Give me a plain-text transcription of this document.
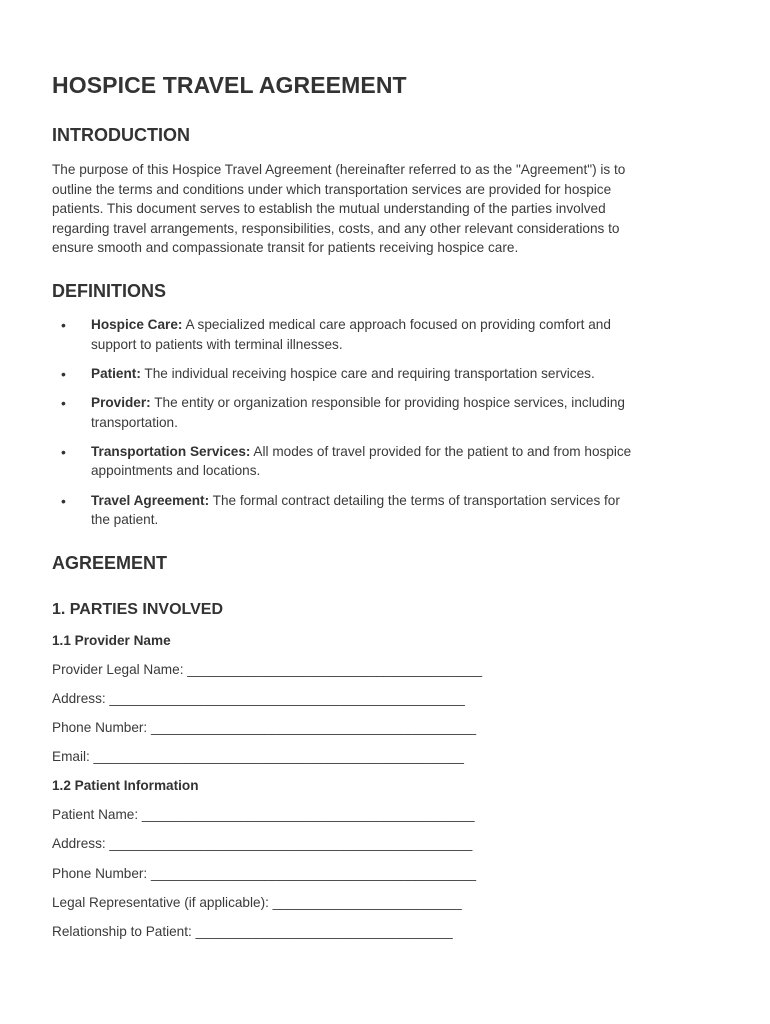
HOSPICE TRAVEL AGREEMENT
INTRODUCTION
The purpose of this Hospice Travel Agreement (hereinafter referred to as the "Agreement") is to
outline the terms and conditions under which transportation services are provided for hospice
patients. This document serves to establish the mutual understanding of the parties involved
regarding travel arrangements, responsibilities, costs, and any other relevant considerations to
ensure smooth and compassionate transit for patients receiving hospice care.
DEFINITIONS
• Hospice Care: A specialized medical care approach focused on providing comfort and
support to patients with terminal illnesses.
• Patient: The individual receiving hospice care and requiring transportation services.
• Provider: The entity or organization responsible for providing hospice services, including
transportation.
• Transportation Services: All modes of travel provided for the patient to and from hospice
appointments and locations.
• Travel Agreement: The formal contract detailing the terms of transportation services for
the patient.
AGREEMENT
1. PARTIES INVOLVED
1.1 Provider Name
Provider Legal Name: _______________________________________
Address: _______________________________________________
Phone Number: ___________________________________________
Email: _________________________________________________
1.2 Patient Information
Patient Name: ____________________________________________
Address: ________________________________________________
Phone Number: ___________________________________________
Legal Representative (if applicable): _________________________
Relationship to Patient: __________________________________
